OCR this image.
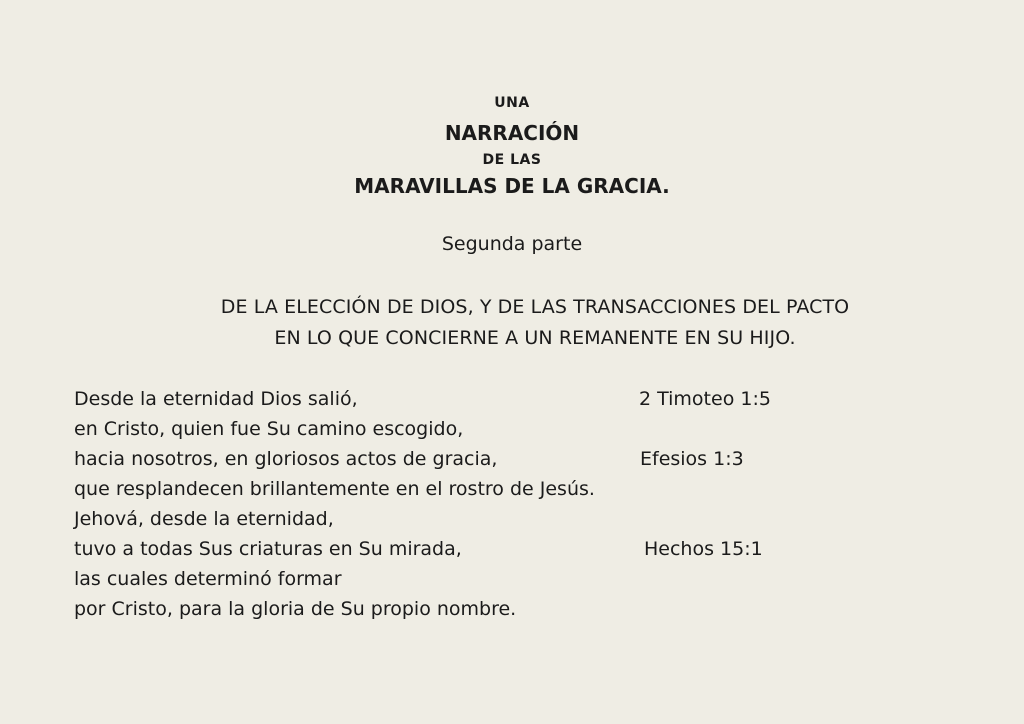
UNA
NARRACIÓN
DE LAS
MARAVILLAS DE LA GRACIA.
Segunda parte
DE LA ELECCIÓN DE DIOS, Y DE LAS TRANSACCIONES DEL PACTO
EN LO QUE CONCIERNE A UN REMANENTE EN SU HIJO.
Desde la eternidad Dios salió,	2 Timoteo 1:5
en Cristo, quien fue Su camino escogido,
hacia nosotros, en gloriosos actos de gracia,	Efesios 1:3
que resplandecen brillantemente en el rostro de Jesús.
Jehová, desde la eternidad,
tuvo a todas Sus criaturas en Su mirada,	Hechos 15:1
las cuales determinó formar
por Cristo, para la gloria de Su propio nombre.
